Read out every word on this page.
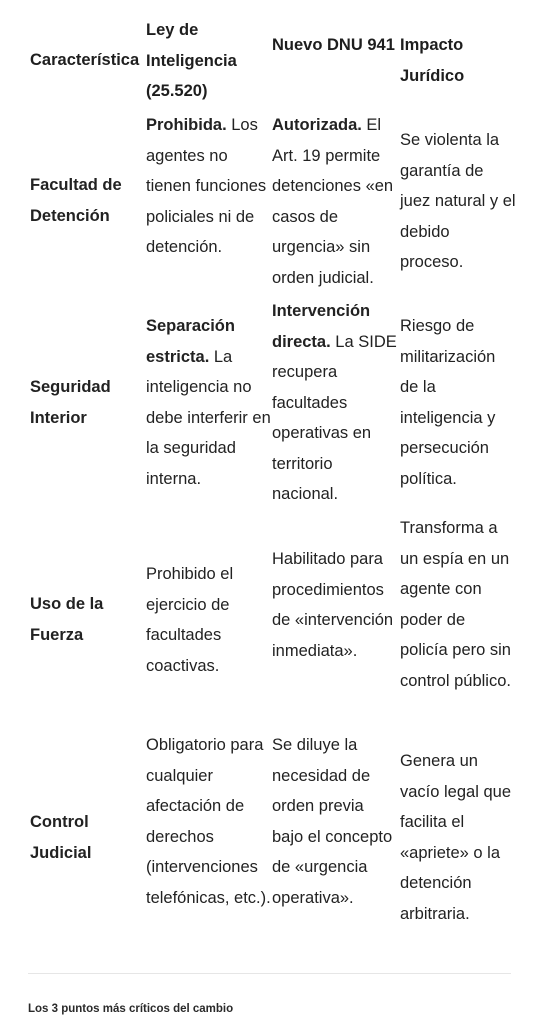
Característica
Ley de Inteligencia (25.520)
Nuevo DNU 941 Impacto Jurídico
Facultad de Detención
Prohibida. Los agentes no tienen funciones policiales ni de detención.
Autorizada. El Art. 19 permite detenciones «en casos de urgencia» sin orden judicial.
Se violenta la garantía de juez natural y el debido proceso.
Seguridad Interior
Separación estricta. La inteligencia no debe interferir en la seguridad interna.
Intervención directa. La SIDE recupera facultades operativas en territorio nacional.
Riesgo de militarización de la inteligencia y persecución política.
Uso de la Fuerza
Prohibido el ejercicio de facultades coactivas.
Habilitado para procedimientos de «intervención inmediata».
Transforma a un espía en un agente con poder de policía pero sin control público.
Control Judicial
Obligatorio para cualquier afectación de derechos (intervenciones telefónicas, etc.).
Se diluye la necesidad de orden previa bajo el concepto de «urgencia operativa».
Genera un vacío legal que facilita el «apriete» o la detención arbitraria.
Los 3 puntos más críticos del cambio
